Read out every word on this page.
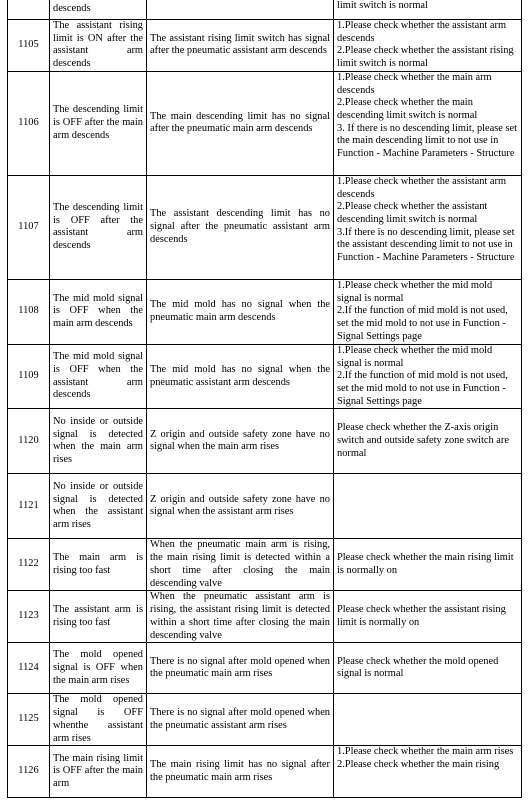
	descends		limit switch is normal

1105	The assistant rising limit is ON after the assistant arm descends	The assistant rising limit switch has signal after the pneumatic assistant arm descends	1.Please check whether the assistant arm descends
2.Please check whether the assistant rising limit switch is normal

1106	The descending limit is OFF after the main arm descends	The main descending limit has no signal after the pneumatic main arm descends	1.Please check whether the main arm descends
2.Please check whether the main descending limit switch is normal
3. If there is no descending limit, please set the main descending limit to not use in Function - Machine Parameters - Structure

1107	The descending limit is OFF after the assistant arm descends	The assistant descending limit has no signal after the pneumatic assistant arm descends	1.Please check whether the assistant arm descends
2.Please check whether the assistant descending limit switch is normal
3.If there is no descending limit, please set the assistant descending limit to not use in Function - Machine Parameters - Structure

1108	The mid mold signal is OFF when the main arm descends	The mid mold has no signal when the pneumatic main arm descends	1.Please check whether the mid mold signal is normal
2.If the function of mid mold is not used, set the mid mold to not use in Function - Signal Settings page

1109	The mid mold signal is OFF when the assistant arm descends	The mid mold has no signal when the pneumatic assistant arm descends	1.Please check whether the mid mold signal is normal
2.If the function of mid mold is not used, set the mid mold to not use in Function - Signal Settings page

1120	No inside or outside signal is detected when the main arm rises	Z origin and outside safety zone have no signal when the main arm rises	Please check whether the Z-axis origin switch and outside safety zone switch are normal

1121	No inside or outside signal is detected when the assistant arm rises	Z origin and outside safety zone have no signal when the assistant arm rises	
1122	The main arm is rising too fast	When the pneumatic main arm is rising, the main rising limit is detected within a short time after closing the main descending valve	Please check whether the main rising limit is normally on

1123	The assistant arm is rising too fast	When the pneumatic assistant arm is rising, the assistant rising limit is detected within a short time after closing the main descending valve	Please check whether the assistant rising limit is normally on

1124	The mold opened signal is OFF when the main arm rises	There is no signal after mold opened when the pneumatic main arm rises	Please check whether the mold opened signal is normal

1125	The mold opened signal is OFF whenthe assistant arm rises	There is no signal after mold opened when the pneumatic assistant arm rises	
1126	The main rising limit is OFF after the main arm	The main rising limit has no signal after the pneumatic main arm rises	1.Please check whether the main arm rises
2.Please check whether the main rising
